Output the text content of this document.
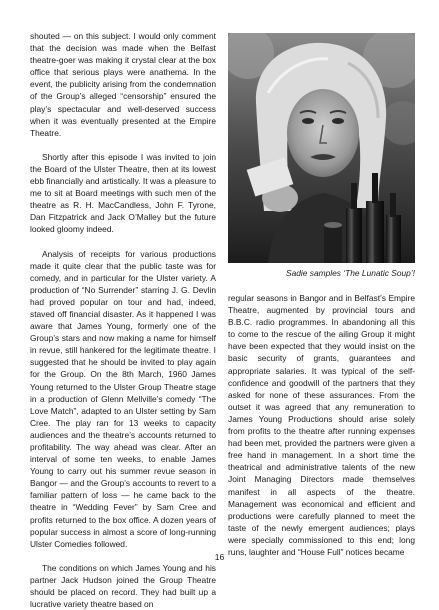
shouted — on this subject. I would only comment that the decision was made when the Belfast theatre-goer was making it crystal clear at the box office that serious plays were anathema. In the event, the publicity arising from the condemnation of the Group’s alleged “censorship” ensured the play’s spectacular and well-deserved success when it was eventually presented at the Empire Theatre.

Shortly after this episode I was invited to join the Board of the Ulster Theatre, then at its lowest ebb financially and artistically. It was a pleasure to me to sit at Board meetings with such men of the theatre as R. H. MacCandless, John F. Tyrone, Dan Fitzpatrick and Jack O’Malley but the future looked gloomy indeed.

Analysis of receipts for various productions made it quite clear that the public taste was for comedy, and in particular for the Ulster variety. A production of “No Surrender” starring J. G. Devlin had proved popular on tour and had, indeed, staved off financial disaster. As it happened I was aware that James Young, formerly one of the Group’s stars and now making a name for himself in revue, still hankered for the legitimate theatre. I suggested that he should be invited to play again for the Group. On the 8th March, 1960 James Young returned to the Ulster Group Theatre stage in a production of Glenn Mellville’s comedy “The Love Match”, adapted to an Ulster setting by Sam Cree. The play ran for 13 weeks to capacity audiences and the theatre’s accounts returned to profitability. The way ahead was clear. After an interval of some ten weeks, to enable James Young to carry out his summer revue season in Bangor — and the Group’s accounts to revert to a familiar pattern of loss — he came back to the theatre in “Wedding Fever” by Sam Cree and profits returned to the box office. A dozen years of popular success in almost a score of long-running Ulster Comedies followed.

The conditions on which James Young and his partner Jack Hudson joined the Group Theatre should be placed on record. They had built up a lucrative variety theatre based on

Sadie samples ‘The Lunatic Soup’!

regular seasons in Bangor and in Belfast’s Empire Theatre, augmented by provincial tours and B.B.C. radio programmes. In abandoning all this to come to the rescue of the ailing Group it might have been expected that they would insist on the basic security of grants, guarantees and appropriate salaries. It was typical of the self-confidence and goodwill of the partners that they asked for none of these assurances. From the outset it was agreed that any remuneration to James Young Productions should arise solely from profits to the theatre after running expenses had been met, provided the partners were given a free hand in management. In a short time the theatrical and administrative talents of the new Joint Managing Directors made themselves manifest in all aspects of the theatre. Management was economical and efficient and productions were carefully planned to meet the taste of the newly emergent audiences; plays were specially commissioned to this end; long runs, laughter and “House Full” notices became

16
